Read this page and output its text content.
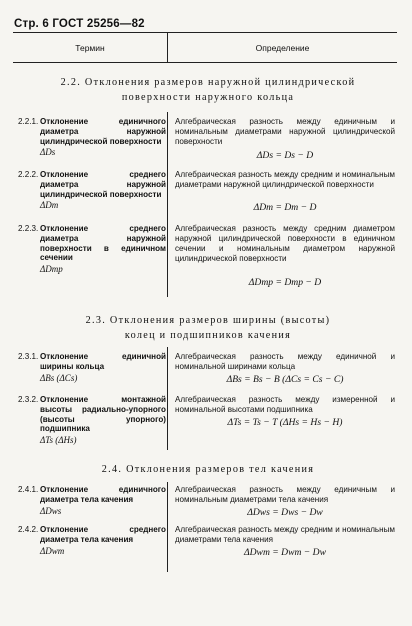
Стр. 6 ГОСТ 25256—82
Термин	Определение
2.2. Отклонения размеров наружной цилиндрической
поверхности наружного кольца
2.2.1. Отклонение единичного диаметра наружной цилиндрической поверхности
ΔDs
Алгебраическая разность между единичным и номинальным диаметрами наружной цилиндрической поверхности
ΔDs = Ds − D
2.2.2. Отклонение среднего диаметра наружной цилиндрической поверхности
ΔDm
Алгебраическая разность между средним и номинальным диаметрами наружной цилиндрической поверхности
ΔDm = Dm − D
2.2.3. Отклонение среднего диаметра наружной поверхности в единичном сечении
ΔDmp
Алгебраическая разность между средним диаметром наружной цилиндрической поверхности в единичном сечении и номинальным диаметром наружной цилиндрической поверхности
ΔDmp = Dmp − D
2.3. Отклонения размеров ширины (высоты)
колец и подшипников качения
2.3.1. Отклонение единичной ширины кольца
ΔBs (ΔCs)
Алгебраическая разность между единичной и номинальной ширинами кольца
ΔBs = Bs − B (ΔCs = Cs − C)
2.3.2. Отклонение монтажной высоты радиально-упорного (высоты упорного) подшипника
ΔTs (ΔHs)
Алгебраическая разность между измеренной и номинальной высотами подшипника
ΔTs = Ts − T (ΔHs = Hs − H)
2.4. Отклонения размеров тел качения
2.4.1. Отклонение единичного диаметра тела качения
ΔDws
Алгебраическая разность между единичным и номинальным диаметрами тела качения
ΔDws = Dws − Dw
2.4.2. Отклонение среднего диаметра тела качения
ΔDwm
Алгебраическая разность между средним и номинальным диаметрами тела качения
ΔDwm = Dwm − Dw
